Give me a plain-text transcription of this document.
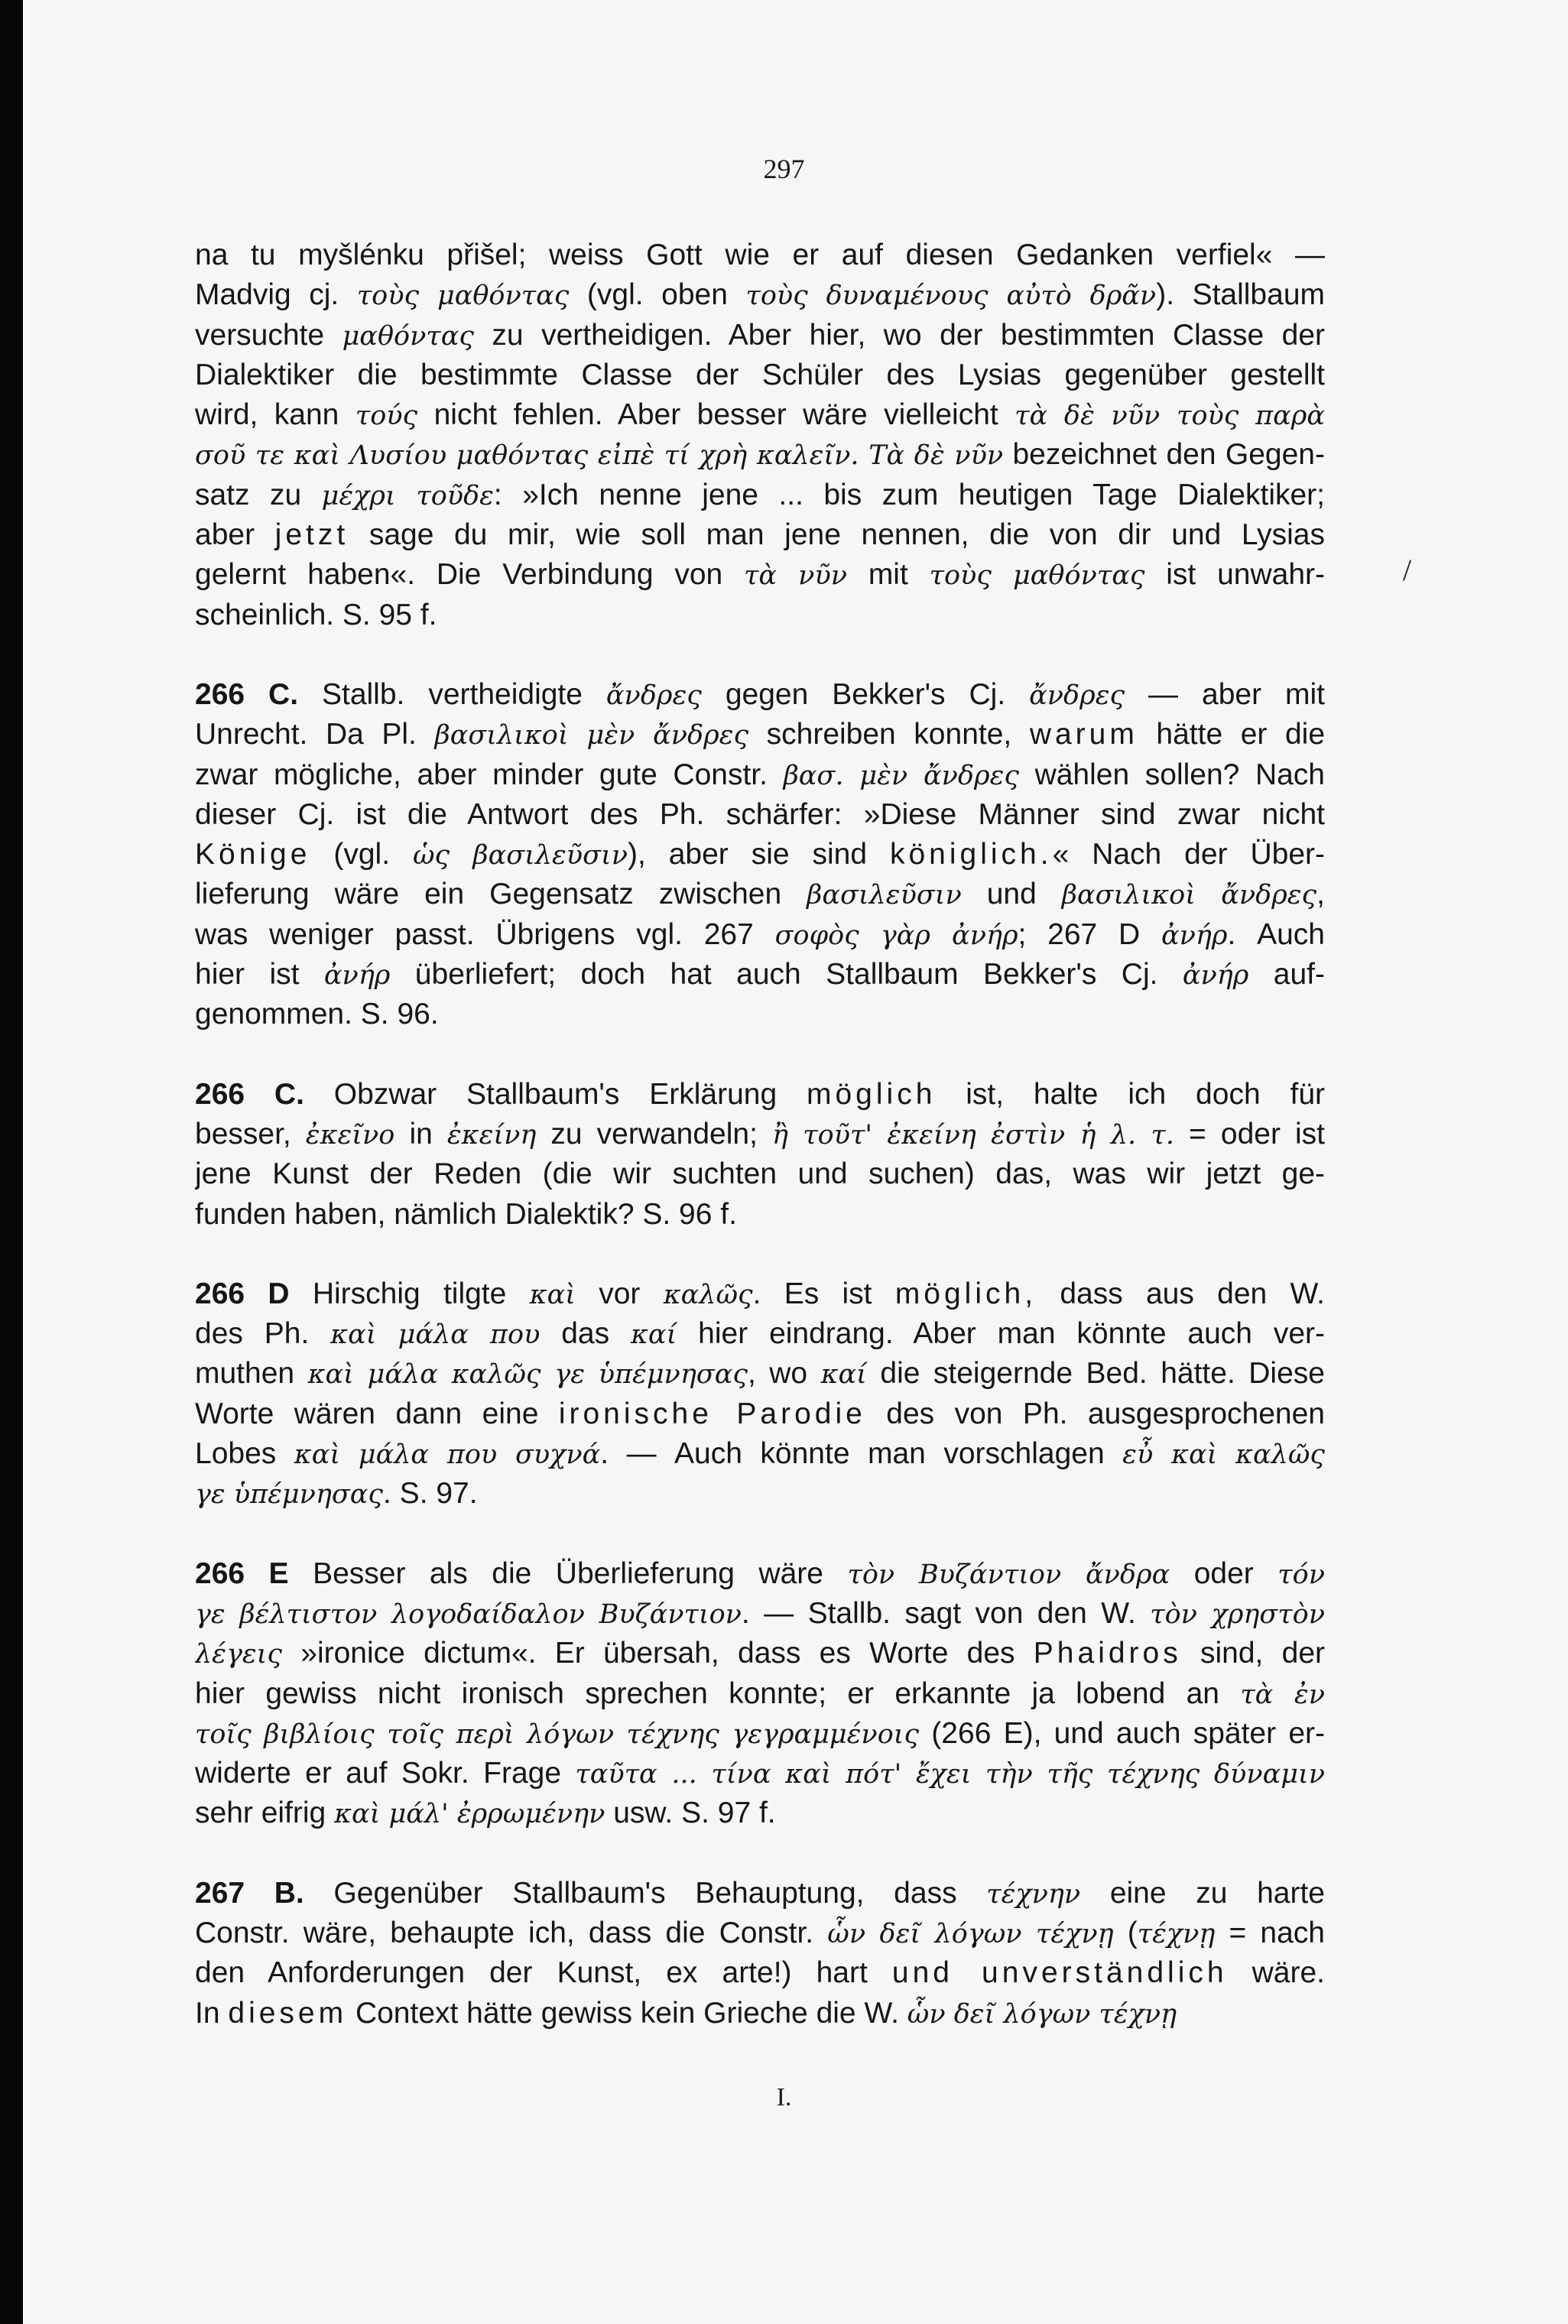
297
na tu myšlénku přišel; weiss Gott wie er auf diesen Gedanken verfiel« —
Madvig cj. τοὺς μαθόντας (vgl. oben τοὺς δυναμένους αὐτὸ δρᾶν). Stallbaum
versuchte μαθόντας zu vertheidigen. Aber hier, wo der bestimmten Classe der
Dialektiker die bestimmte Classe der Schüler des Lysias gegenüber gestellt
wird, kann τούς nicht fehlen. Aber besser wäre vielleicht τὰ δὲ νῦν τοὺς παρὰ
σοῦ τε καὶ Λυσίου μαθόντας εἰπὲ τί χρὴ καλεῖν. Τὰ δὲ νῦν bezeichnet den Gegen-
satz zu μέχρι τοῦδε: »Ich nenne jene ... bis zum heutigen Tage Dialektiker;
aber jetzt sage du mir, wie soll man jene nennen, die von dir und Lysias
gelernt haben«. Die Verbindung von τὰ νῦν mit τοὺς μαθόντας ist unwahr-
scheinlich. S. 95 f.
266 C. Stallb. vertheidigte ἄνδρες gegen Bekker's Cj. ἄνδρες — aber mit
Unrecht. Da Pl. βασιλικοὶ μὲν ἄνδρες schreiben konnte, warum hätte er die
zwar mögliche, aber minder gute Constr. βασ. μὲν ἄνδρες wählen sollen? Nach
dieser Cj. ist die Antwort des Ph. schärfer: »Diese Männer sind zwar nicht
Könige (vgl. ὡς βασιλεῦσιν), aber sie sind königlich.« Nach der Über-
lieferung wäre ein Gegensatz zwischen βασιλεῦσιν und βασιλικοὶ ἄνδρες,
was weniger passt. Übrigens vgl. 267 σοφὸς γὰρ ἀνήρ; 267 D ἀνήρ. Auch
hier ist ἀνήρ überliefert; doch hat auch Stallbaum Bekker's Cj. ἀνήρ auf-
genommen. S. 96.
266 C. Obzwar Stallbaum's Erklärung möglich ist, halte ich doch für
besser, ἐκεῖνο in ἐκείνη zu verwandeln; ἢ τοῦτ' ἐκείνη ἐστὶν ἡ λ. τ. = oder ist
jene Kunst der Reden (die wir suchten und suchen) das, was wir jetzt ge-
funden haben, nämlich Dialektik? S. 96 f.
266 D Hirschig tilgte καὶ vor καλῶς. Es ist möglich, dass aus den W.
des Ph. καὶ μάλα που das καί hier eindrang. Aber man könnte auch ver-
muthen καὶ μάλα καλῶς γε ὑπέμνησας, wo καί die steigernde Bed. hätte. Diese
Worte wären dann eine ironische Parodie des von Ph. ausgesprochenen
Lobes καὶ μάλα που συχνά. — Auch könnte man vorschlagen εὖ καὶ καλῶς
γε ὑπέμνησας. S. 97.
266 E Besser als die Überlieferung wäre τὸν Βυζάντιον ἄνδρα oder τόν
γε βέλτιστον λογοδαίδαλον Βυζάντιον. — Stallb. sagt von den W. τὸν χρηστὸν
λέγεις »ironice dictum«. Er übersah, dass es Worte des Phaidros sind, der
hier gewiss nicht ironisch sprechen konnte; er erkannte ja lobend an τὰ ἐν
τοῖς βιβλίοις τοῖς περὶ λόγων τέχνης γεγραμμένοις (266 E), und auch später er-
widerte er auf Sokr. Frage ταῦτα ... τίνα καὶ πότ' ἔχει τὴν τῆς τέχνης δύναμιν
sehr eifrig καὶ μάλ' ἐρρωμένην usw. S. 97 f.
267 B. Gegenüber Stallbaum's Behauptung, dass τέχνην eine zu harte
Constr. wäre, behaupte ich, dass die Constr. ὧν δεῖ λόγων τέχνῃ (τέχνῃ = nach
den Anforderungen der Kunst, ex arte!) hart und unverständlich wäre.
In diesem Context hätte gewiss kein Grieche die W. ὧν δεῖ λόγων τέχνῃ
I.
/
